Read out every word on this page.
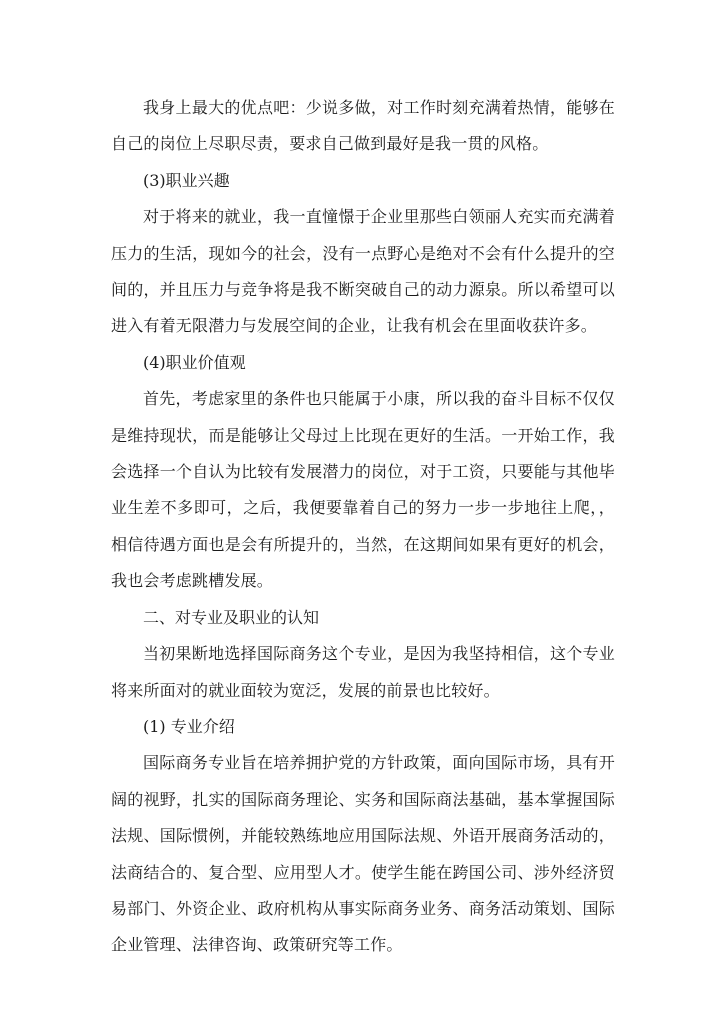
我身上最大的优点吧：少说多做，对工作时刻充满着热情，能够在自己的岗位上尽职尽责，要求自己做到最好是我一贯的风格。

(3)职业兴趣

对于将来的就业，我一直憧憬于企业里那些白领丽人充实而充满着压力的生活，现如今的社会，没有一点野心是绝对不会有什么提升的空间的，并且压力与竞争将是我不断突破自己的动力源泉。所以希望可以进入有着无限潜力与发展空间的企业，让我有机会在里面收获许多。

(4)职业价值观

首先，考虑家里的条件也只能属于小康，所以我的奋斗目标不仅仅是维持现状，而是能够让父母过上比现在更好的生活。一开始工作，我会选择一个自认为比较有发展潜力的岗位，对于工资，只要能与其他毕业生差不多即可，之后，我便要靠着自己的努力一步一步地往上爬，，相信待遇方面也是会有所提升的，当然，在这期间如果有更好的机会，我也会考虑跳槽发展。

二、对专业及职业的认知

当初果断地选择国际商务这个专业，是因为我坚持相信，这个专业将来所面对的就业面较为宽泛，发展的前景也比较好。

(1) 专业介绍

国际商务专业旨在培养拥护党的方针政策，面向国际市场，具有开阔的视野，扎实的国际商务理论、实务和国际商法基础，基本掌握国际法规、国际惯例，并能较熟练地应用国际法规、外语开展商务活动的，法商结合的、复合型、应用型人才。使学生能在跨国公司、涉外经济贸易部门、外资企业、政府机构从事实际商务业务、商务活动策划、国际企业管理、法律咨询、政策研究等工作。
